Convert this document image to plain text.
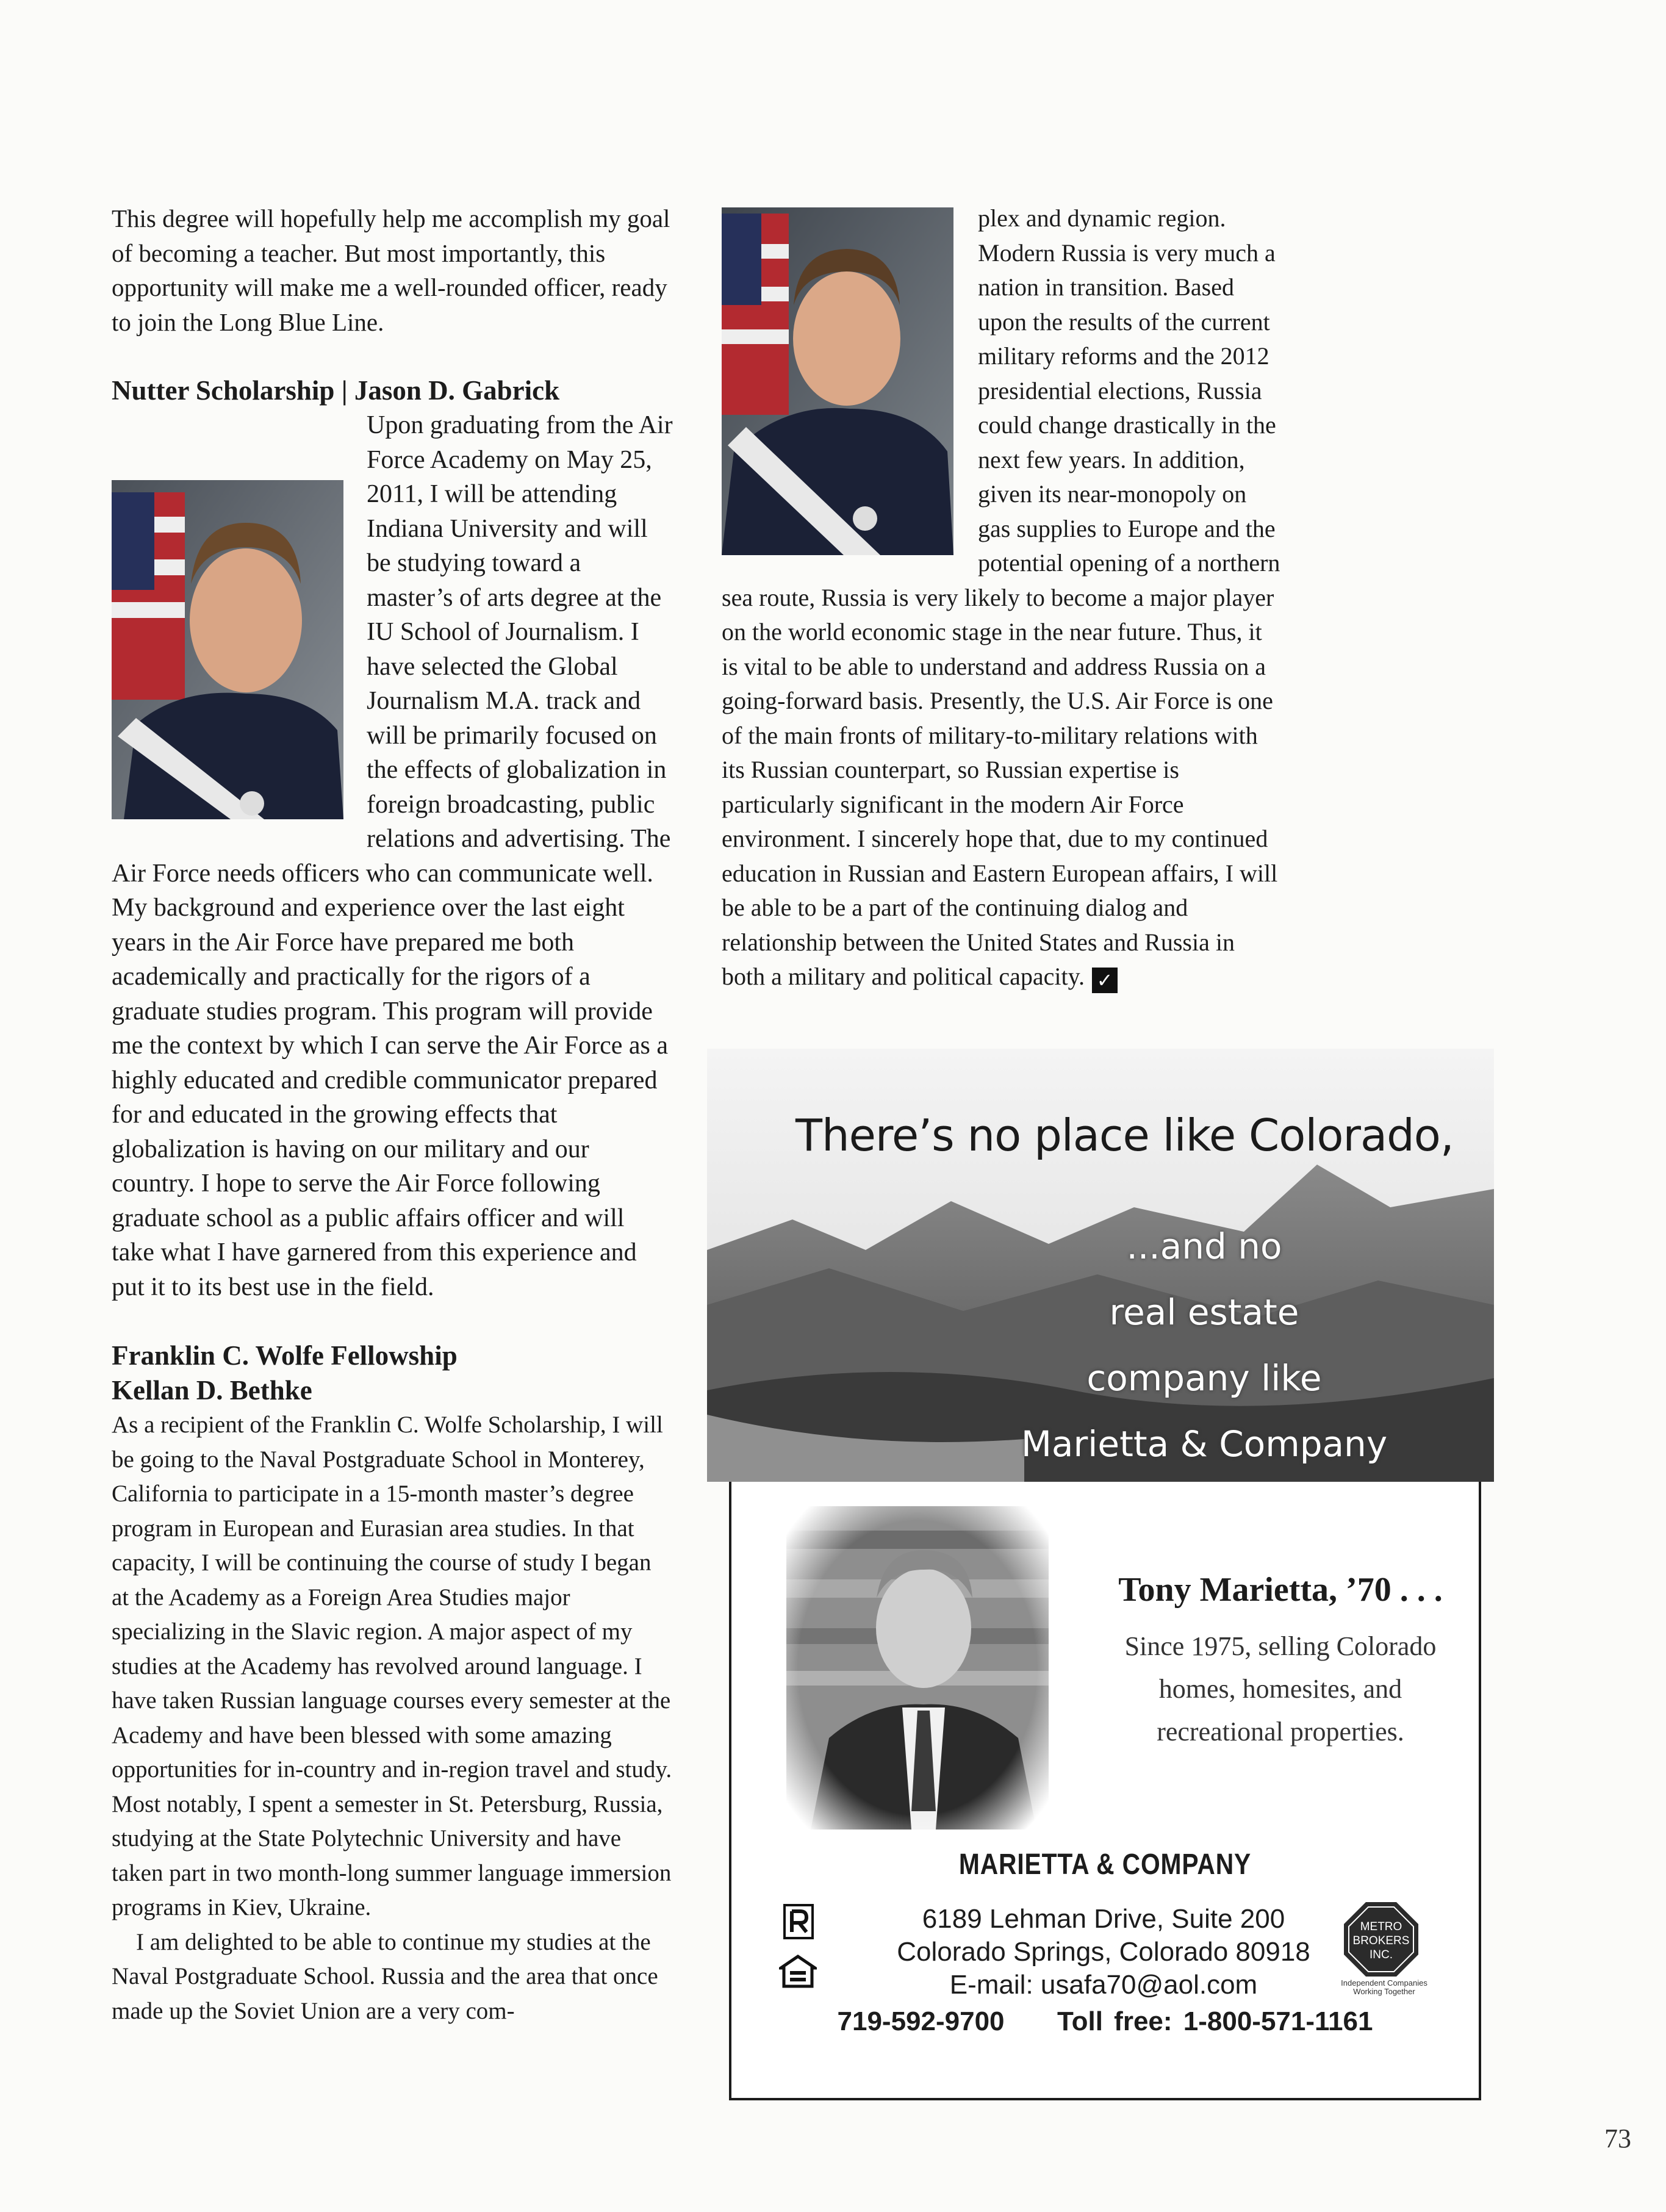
This degree will hopefully help me accomplish my goal of becoming a teacher. But most importantly, this opportunity will make me a well-rounded officer, ready to join the Long Blue Line.

Nutter Scholarship | Jason D. Gabrick

Upon graduating from the Air Force Academy on May 25, 2011, I will be attending Indiana University and will be studying toward a master’s of arts degree at the IU School of Journalism. I have selected the Global Journalism M.A. track and will be primarily focused on the effects of globalization in foreign broadcasting, public relations and advertising. The Air Force needs officers who can communicate well. My background and experience over the last eight years in the Air Force have prepared me both academically and practically for the rigors of a graduate studies program. This program will provide me the context by which I can serve the Air Force as a highly educated and credible communicator prepared for and educated in the growing effects that globalization is having on our military and our country. I hope to serve the Air Force following graduate school as a public affairs officer and will take what I have garnered from this experience and put it to its best use in the field.

Franklin C. Wolfe Fellowship

Kellan D. Bethke

As a recipient of the Franklin C. Wolfe Scholarship, I will be going to the Naval Postgraduate School in Monterey, California to participate in a 15-month master’s degree program in European and Eurasian area studies. In that capacity, I will be continuing the course of study I began at the Academy as a Foreign Area Studies major specializing in the Slavic region. A major aspect of my studies at the Academy has revolved around language. I have taken Russian language courses every semester at the Academy and have been blessed with some amazing opportunities for in-country and in-region travel and study. Most notably, I spent a semester in St. Petersburg, Russia, studying at the State Polytechnic University and have taken part in two month-long summer language immersion programs in Kiev, Ukraine.

I am delighted to be able to continue my studies at the Naval Postgraduate School. Russia and the area that once made up the Soviet Union are a very com-

plex and dynamic region. Modern Russia is very much a nation in transition. Based upon the results of the current military reforms and the 2012 presidential elections, Russia could change drastically in the next few years. In addition, given its near-monopoly on gas supplies to Europe and the potential opening of a northern sea route, Russia is very likely to become a major player on the world economic stage in the near future. Thus, it is vital to be able to understand and address Russia on a going-forward basis. Presently, the U.S. Air Force is one of the main fronts of military-to-military relations with its Russian counterpart, so Russian expertise is particularly significant in the modern Air Force environment. I sincerely hope that, due to my continued education in Russian and Eastern European affairs, I will be able to be a part of the continuing dialog and relationship between the United States and Russia in both a military and political capacity. ✓

There’s no place like Colorado,
...and no
real estate
company like
Marietta & Company
Tony Marietta, ’70 . . .
Since 1975, selling Colorado homes, homesites, and recreational properties.
MARIETTA & COMPANY
6189 Lehman Drive, Suite 200
Colorado Springs, Colorado 80918
E-mail: usafa70@aol.com
METRO
BROKERS
INC.
Independent Companies Working Together
719-592-9700 Toll free: 1-800-571-1161
73
